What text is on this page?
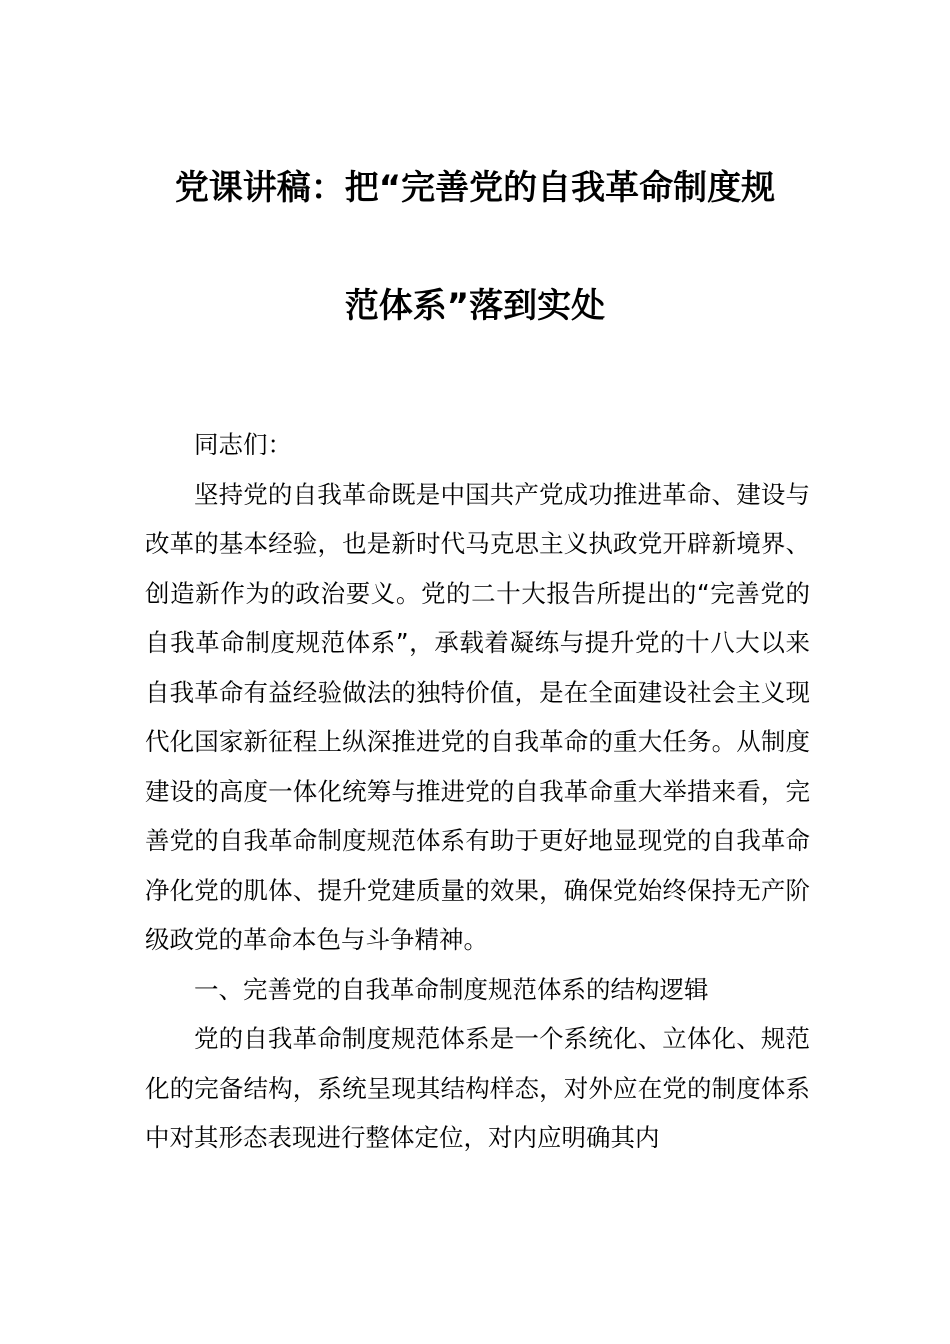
党课讲稿：把“完善党的自我革命制度规
范体系”落到实处

同志们：

坚持党的自我革命既是中国共产党成功推进革命、建设与改革的基本经验，也是新时代马克思主义执政党开辟新境界、创造新作为的政治要义。党的二十大报告所提出的“完善党的自我革命制度规范体系”，承载着凝练与提升党的十八大以来自我革命有益经验做法的独特价值，是在全面建设社会主义现代化国家新征程上纵深推进党的自我革命的重大任务。从制度建设的高度一体化统筹与推进党的自我革命重大举措来看，完善党的自我革命制度规范体系有助于更好地显现党的自我革命净化党的肌体、提升党建质量的效果，确保党始终保持无产阶级政党的革命本色与斗争精神。

一、完善党的自我革命制度规范体系的结构逻辑

党的自我革命制度规范体系是一个系统化、立体化、规范化的完备结构，系统呈现其结构样态，对外应在党的制度体系中对其形态表现进行整体定位，对内应明确其内
